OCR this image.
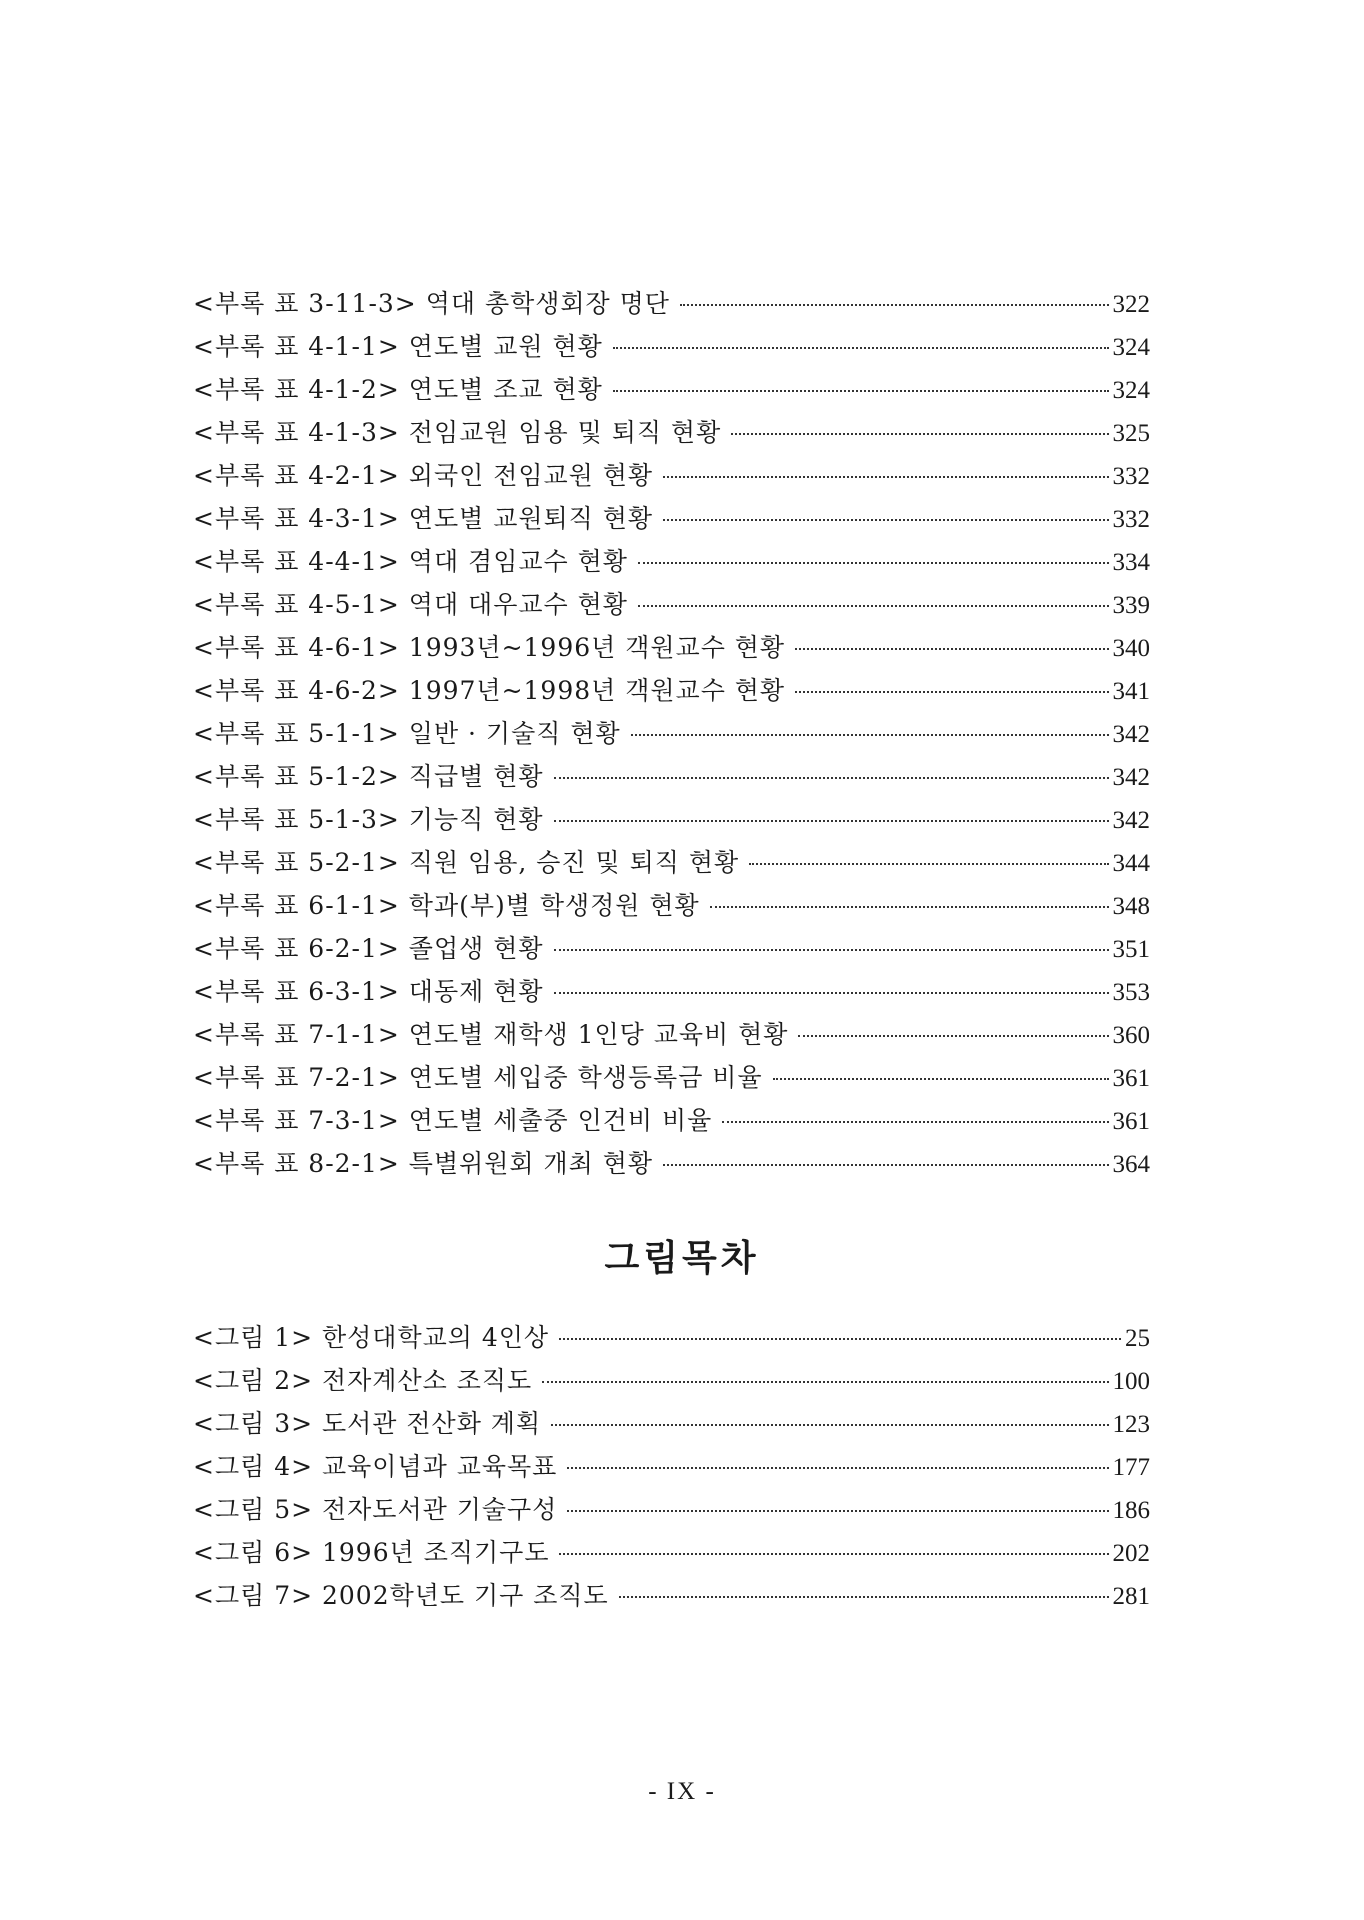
<부록 표 3-11-3> 역대 총학생회장 명단	322
<부록 표 4-1-1> 연도별 교원 현황	324
<부록 표 4-1-2> 연도별 조교 현황	324
<부록 표 4-1-3> 전임교원 임용 및 퇴직 현황	325
<부록 표 4-2-1> 외국인 전임교원 현황	332
<부록 표 4-3-1> 연도별 교원퇴직 현황	332
<부록 표 4-4-1> 역대 겸임교수 현황	334
<부록 표 4-5-1> 역대 대우교수 현황	339
<부록 표 4-6-1> 1993년~1996년 객원교수 현황	340
<부록 표 4-6-2> 1997년~1998년 객원교수 현황	341
<부록 표 5-1-1> 일반 · 기술직 현황	342
<부록 표 5-1-2> 직급별 현황	342
<부록 표 5-1-3> 기능직 현황	342
<부록 표 5-2-1> 직원 임용, 승진 및 퇴직 현황	344
<부록 표 6-1-1> 학과(부)별 학생정원 현황	348
<부록 표 6-2-1> 졸업생 현황	351
<부록 표 6-3-1> 대동제 현황	353
<부록 표 7-1-1> 연도별 재학생 1인당 교육비 현황	360
<부록 표 7-2-1> 연도별 세입중 학생등록금 비율	361
<부록 표 7-3-1> 연도별 세출중 인건비 비율	361
<부록 표 8-2-1> 특별위원회 개최 현황	364
그림목차
<그림 1> 한성대학교의 4인상	25
<그림 2> 전자계산소 조직도	100
<그림 3> 도서관 전산화 계획	123
<그림 4> 교육이념과 교육목표	177
<그림 5> 전자도서관 기술구성	186
<그림 6> 1996년 조직기구도	202
<그림 7> 2002학년도 기구 조직도	281
- IX -
